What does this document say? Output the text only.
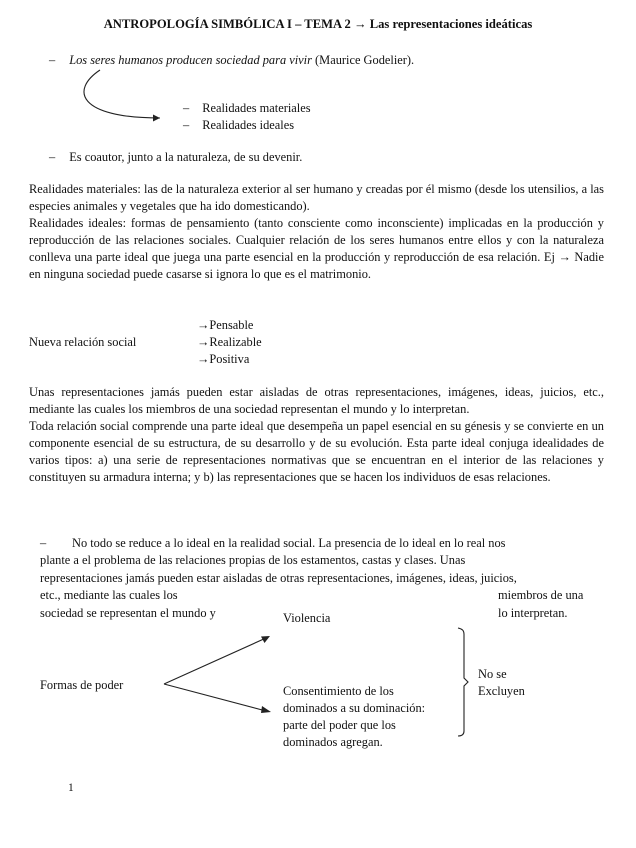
ANTROPOLOGÍA SIMBÓLICA I – TEMA 2 → Las representaciones ideáticas
– Los seres humanos producen sociedad para vivir (Maurice Godelier).
– Realidades materiales
– Realidades ideales
– Es coautor, junto a la naturaleza, de su devenir.

Realidades materiales: las de la naturaleza exterior al ser humano y creadas por él mismo (desde los utensilios, a las especies animales y vegetales que ha ido domesticando).

Realidades ideales: formas de pensamiento (tanto consciente como inconsciente) implicadas en la producción y reproducción de las relaciones sociales. Cualquier relación de los seres humanos entre ellos y con la naturaleza conlleva una parte ideal que juega una parte esencial en la producción y reproducción de esa relación. Ej → Nadie en ninguna sociedad puede casarse si ignora lo que es el matrimonio.

Nueva relación social
→Pensable
→Realizable
→Positiva

Unas representaciones jamás pueden estar aisladas de otras representaciones, imágenes, ideas, juicios, etc., mediante las cuales los miembros de una sociedad representan el mundo y lo interpretan.

Toda relación social comprende una parte ideal que desempeña un papel esencial en su génesis y se convierte en un componente esencial de su estructura, de su desarrollo y de su evolución. Esta parte ideal conjuga idealidades de varios tipos: a) una serie de representaciones normativas que se encuentran en el interior de las relaciones y constituyen su armadura interna; y b) las representaciones que se hacen los individuos de esas relaciones.

– No todo se reduce a lo ideal en la realidad social. La presencia de lo ideal en lo real nos
plante a el problema de las relaciones propias de los estamentos, castas y clases. Unas
representaciones jamás pueden estar aisladas de otras representaciones, imágenes, ideas, juicios,
etc., mediante las cuales los	miembros de una
sociedad se representan el mundo y	lo interpretan.
Violencia
Formas de poder	Consentimiento de los
dominados a su dominación:
parte del poder que los
dominados agregan.
No se
Excluyen
1
